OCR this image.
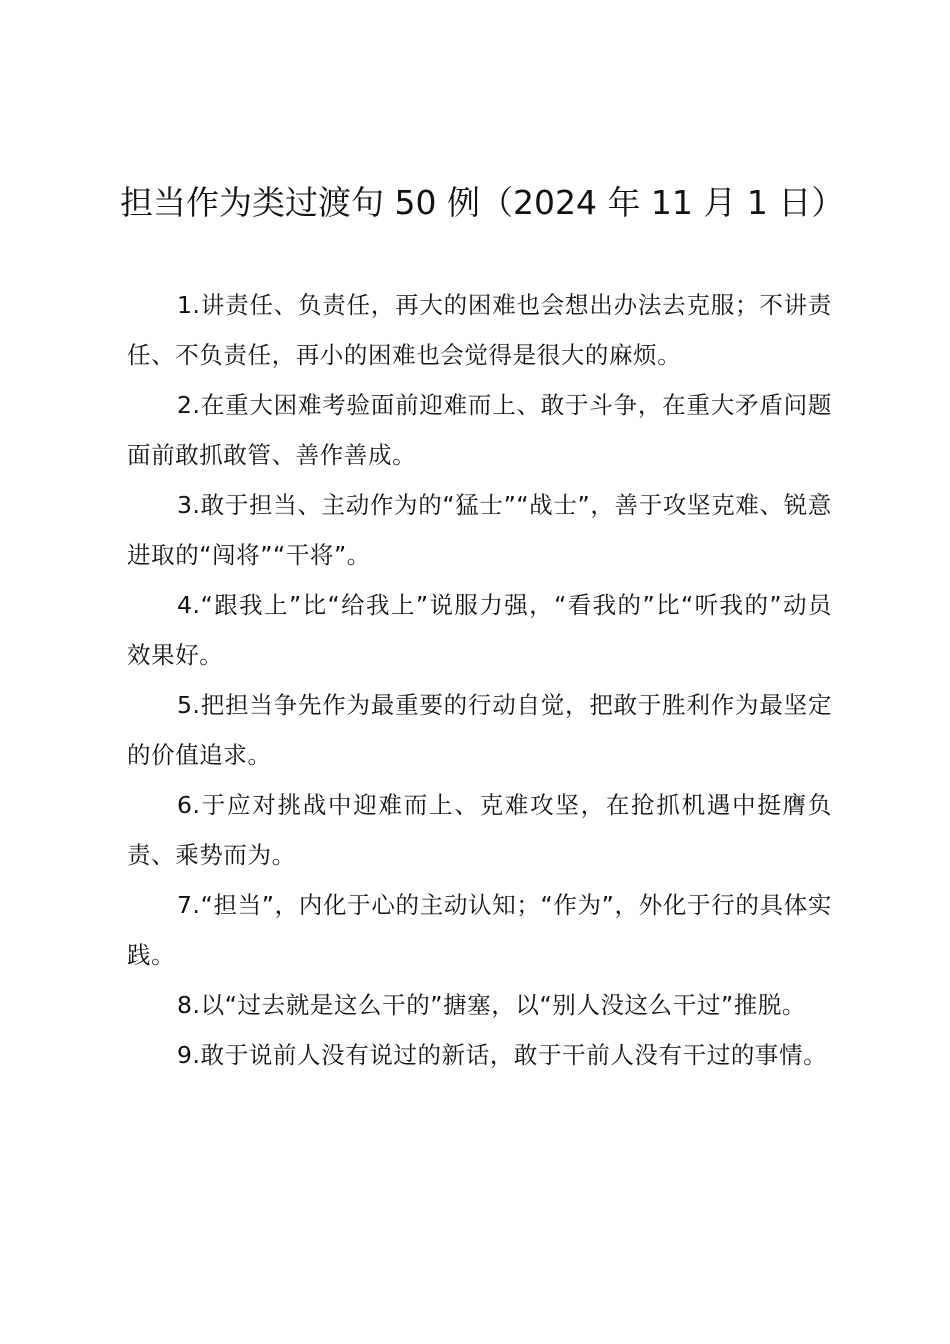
担当作为类过渡句 50 例（2024 年 11 月 1 日）

1.讲责任、负责任，再大的困难也会想出办法去克服；不讲责任、不负责任，再小的困难也会觉得是很大的麻烦。

2.在重大困难考验面前迎难而上、敢于斗争，在重大矛盾问题面前敢抓敢管、善作善成。

3.敢于担当、主动作为的“猛士”“战士”，善于攻坚克难、锐意进取的“闯将”“干将”。

4.“跟我上”比“给我上”说服力强，“看我的”比“听我的”动员效果好。

5.把担当争先作为最重要的行动自觉，把敢于胜利作为最坚定的价值追求。

6.于应对挑战中迎难而上、克难攻坚，在抢抓机遇中挺膺负责、乘势而为。

7.“担当”，内化于心的主动认知；“作为”，外化于行的具体实践。

8.以“过去就是这么干的”搪塞，以“别人没这么干过”推脱。

9.敢于说前人没有说过的新话，敢于干前人没有干过的事情。
